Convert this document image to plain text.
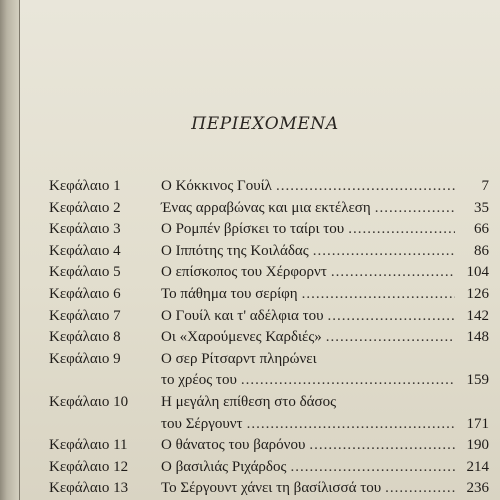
ΠΕΡΙΕΧΟΜΕΝΑ
Κεφάλαιο 1	Ο Κόκκινος Γουίλ .....	7
Κεφάλαιο 2	Ένας αρραβώνας και μια εκτέλεση .....	35
Κεφάλαιο 3	Ο Ρομπέν βρίσκει το ταίρι του .....	66
Κεφάλαιο 4	Ο Ιππότης της Κοιλάδας .....	86
Κεφάλαιο 5	Ο επίσκοπος του Χέρφορντ .....	104
Κεφάλαιο 6	Το πάθημα του σερίφη .....	126
Κεφάλαιο 7	Ο Γουίλ και τ' αδέλφια του .....	142
Κεφάλαιο 8	Οι «Χαρούμενες Καρδιές» .....	148
Κεφάλαιο 9	Ο σερ Ρίτσαρντ πληρώνει
το χρέος του .....	159
Κεφάλαιο 10	Η μεγάλη επίθεση στο δάσος
του Σέργουντ .....	171
Κεφάλαιο 11	Ο θάνατος του βαρόνου .....	190
Κεφάλαιο 12	Ο βασιλιάς Ριχάρδος .....	214
Κεφάλαιο 13	Το Σέργουντ χάνει τη βασίλισσά του .....	236
